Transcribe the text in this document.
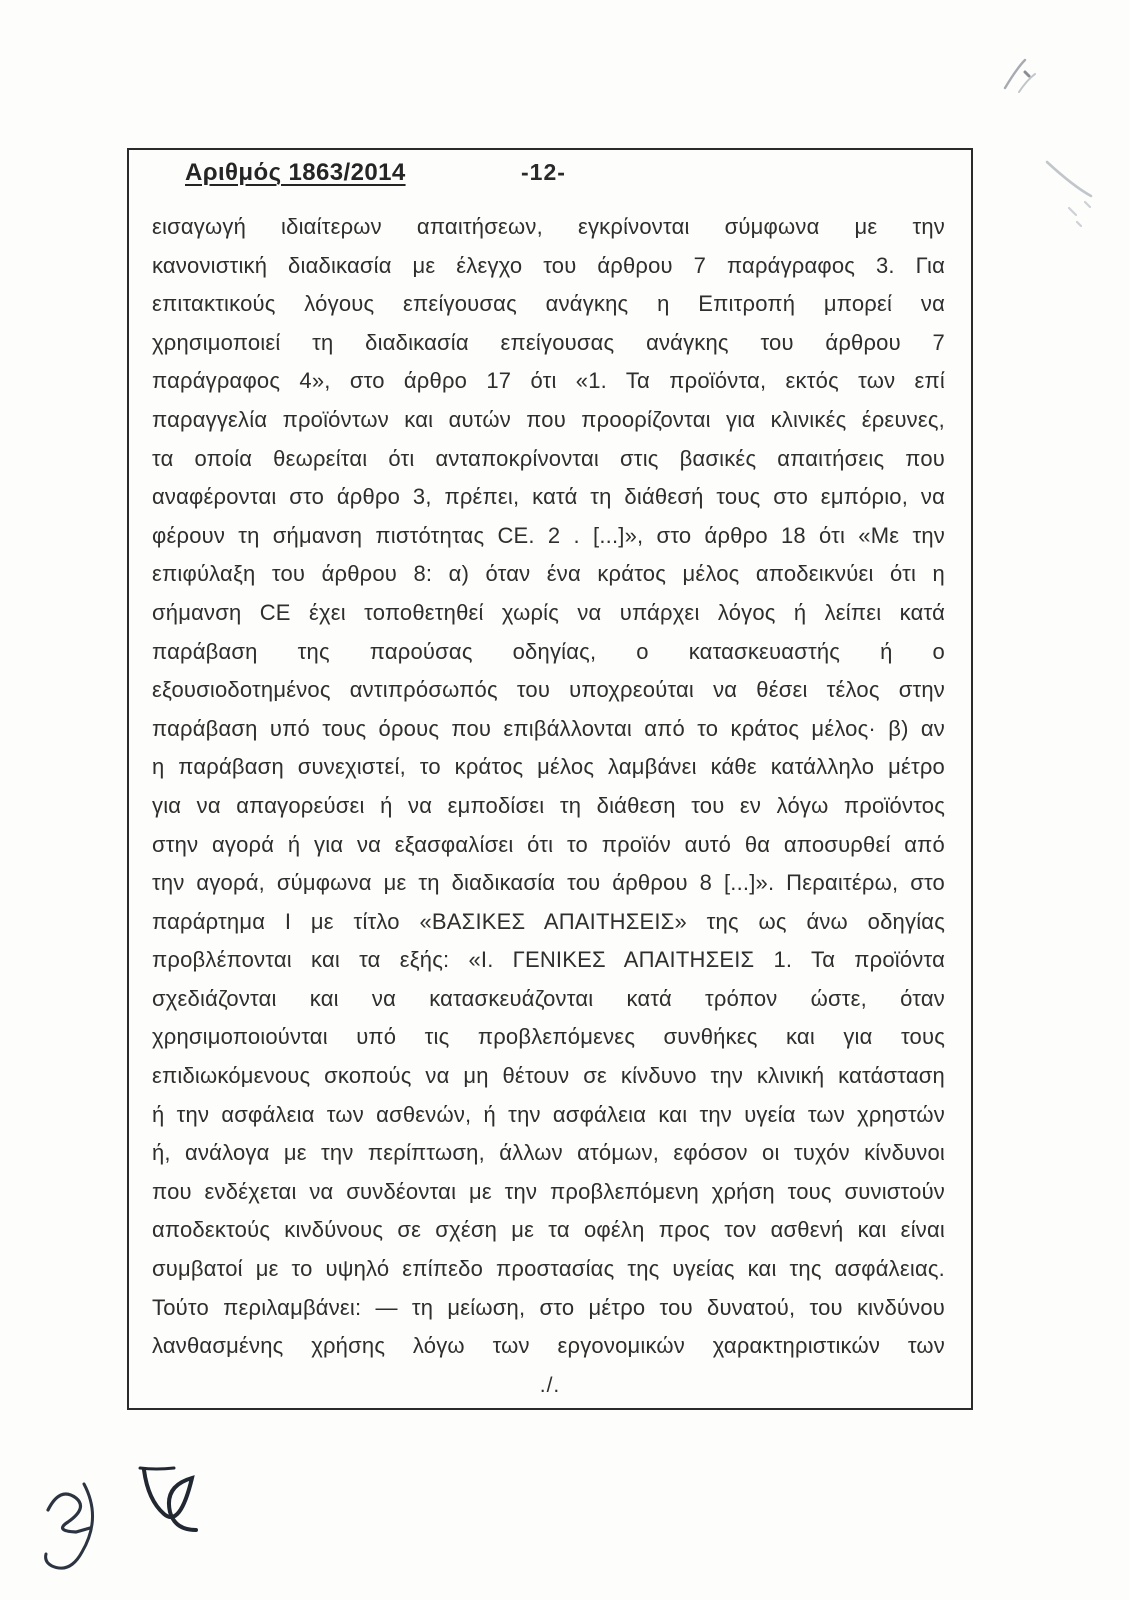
Αριθμός 1863/2014	-12-
εισαγωγή ιδιαίτερων απαιτήσεων, εγκρίνονται σύμφωνα με την
κανονιστική διαδικασία με έλεγχο του άρθρου 7 παράγραφος 3. Για
επιτακτικούς λόγους επείγουσας ανάγκης η Επιτροπή μπορεί να
χρησιμοποιεί τη διαδικασία επείγουσας ανάγκης του άρθρου 7
παράγραφος 4», στο άρθρο 17 ότι «1. Τα προϊόντα, εκτός των επί
παραγγελία προϊόντων και αυτών που προορίζονται για κλινικές έρευνες,
τα οποία θεωρείται ότι ανταποκρίνονται στις βασικές απαιτήσεις που
αναφέρονται στο άρθρο 3, πρέπει, κατά τη διάθεσή τους στο εμπόριο, να
φέρουν τη σήμανση πιστότητας CE. 2 . [...]», στο άρθρο 18 ότι «Με την
επιφύλαξη του άρθρου 8: α) όταν ένα κράτος μέλος αποδεικνύει ότι η
σήμανση CE έχει τοποθετηθεί χωρίς να υπάρχει λόγος ή λείπει κατά
παράβαση της παρούσας οδηγίας, ο κατασκευαστής ή ο
εξουσιοδοτημένος αντιπρόσωπός του υποχρεούται να θέσει τέλος στην
παράβαση υπό τους όρους που επιβάλλονται από το κράτος μέλος· β) αν
η παράβαση συνεχιστεί, το κράτος μέλος λαμβάνει κάθε κατάλληλο μέτρο
για να απαγορεύσει ή να εμποδίσει τη διάθεση του εν λόγω προϊόντος
στην αγορά ή για να εξασφαλίσει ότι το προϊόν αυτό θα αποσυρθεί από
την αγορά, σύμφωνα με τη διαδικασία του άρθρου 8 [...]». Περαιτέρω, στο
παράρτημα Ι με τίτλο «ΒΑΣΙΚΕΣ ΑΠΑΙΤΗΣΕΙΣ» της ως άνω οδηγίας
προβλέπονται και τα εξής: «Ι. ΓΕΝΙΚΕΣ ΑΠΑΙΤΗΣΕΙΣ 1. Τα προϊόντα
σχεδιάζονται και να κατασκευάζονται κατά τρόπον ώστε, όταν
χρησιμοποιούνται υπό τις προβλεπόμενες συνθήκες και για τους
επιδιωκόμενους σκοπούς να μη θέτουν σε κίνδυνο την κλινική κατάσταση
ή την ασφάλεια των ασθενών, ή την ασφάλεια και την υγεία των χρηστών
ή, ανάλογα με την περίπτωση, άλλων ατόμων, εφόσον οι τυχόν κίνδυνοι
που ενδέχεται να συνδέονται με την προβλεπόμενη χρήση τους συνιστούν
αποδεκτούς κινδύνους σε σχέση με τα οφέλη προς τον ασθενή και είναι
συμβατοί με το υψηλό επίπεδο προστασίας της υγείας και της ασφάλειας.
Τούτο περιλαμβάνει: — τη μείωση, στο μέτρο του δυνατού, του κινδύνου
λανθασμένης χρήσης λόγω των εργονομικών χαρακτηριστικών των
./.
